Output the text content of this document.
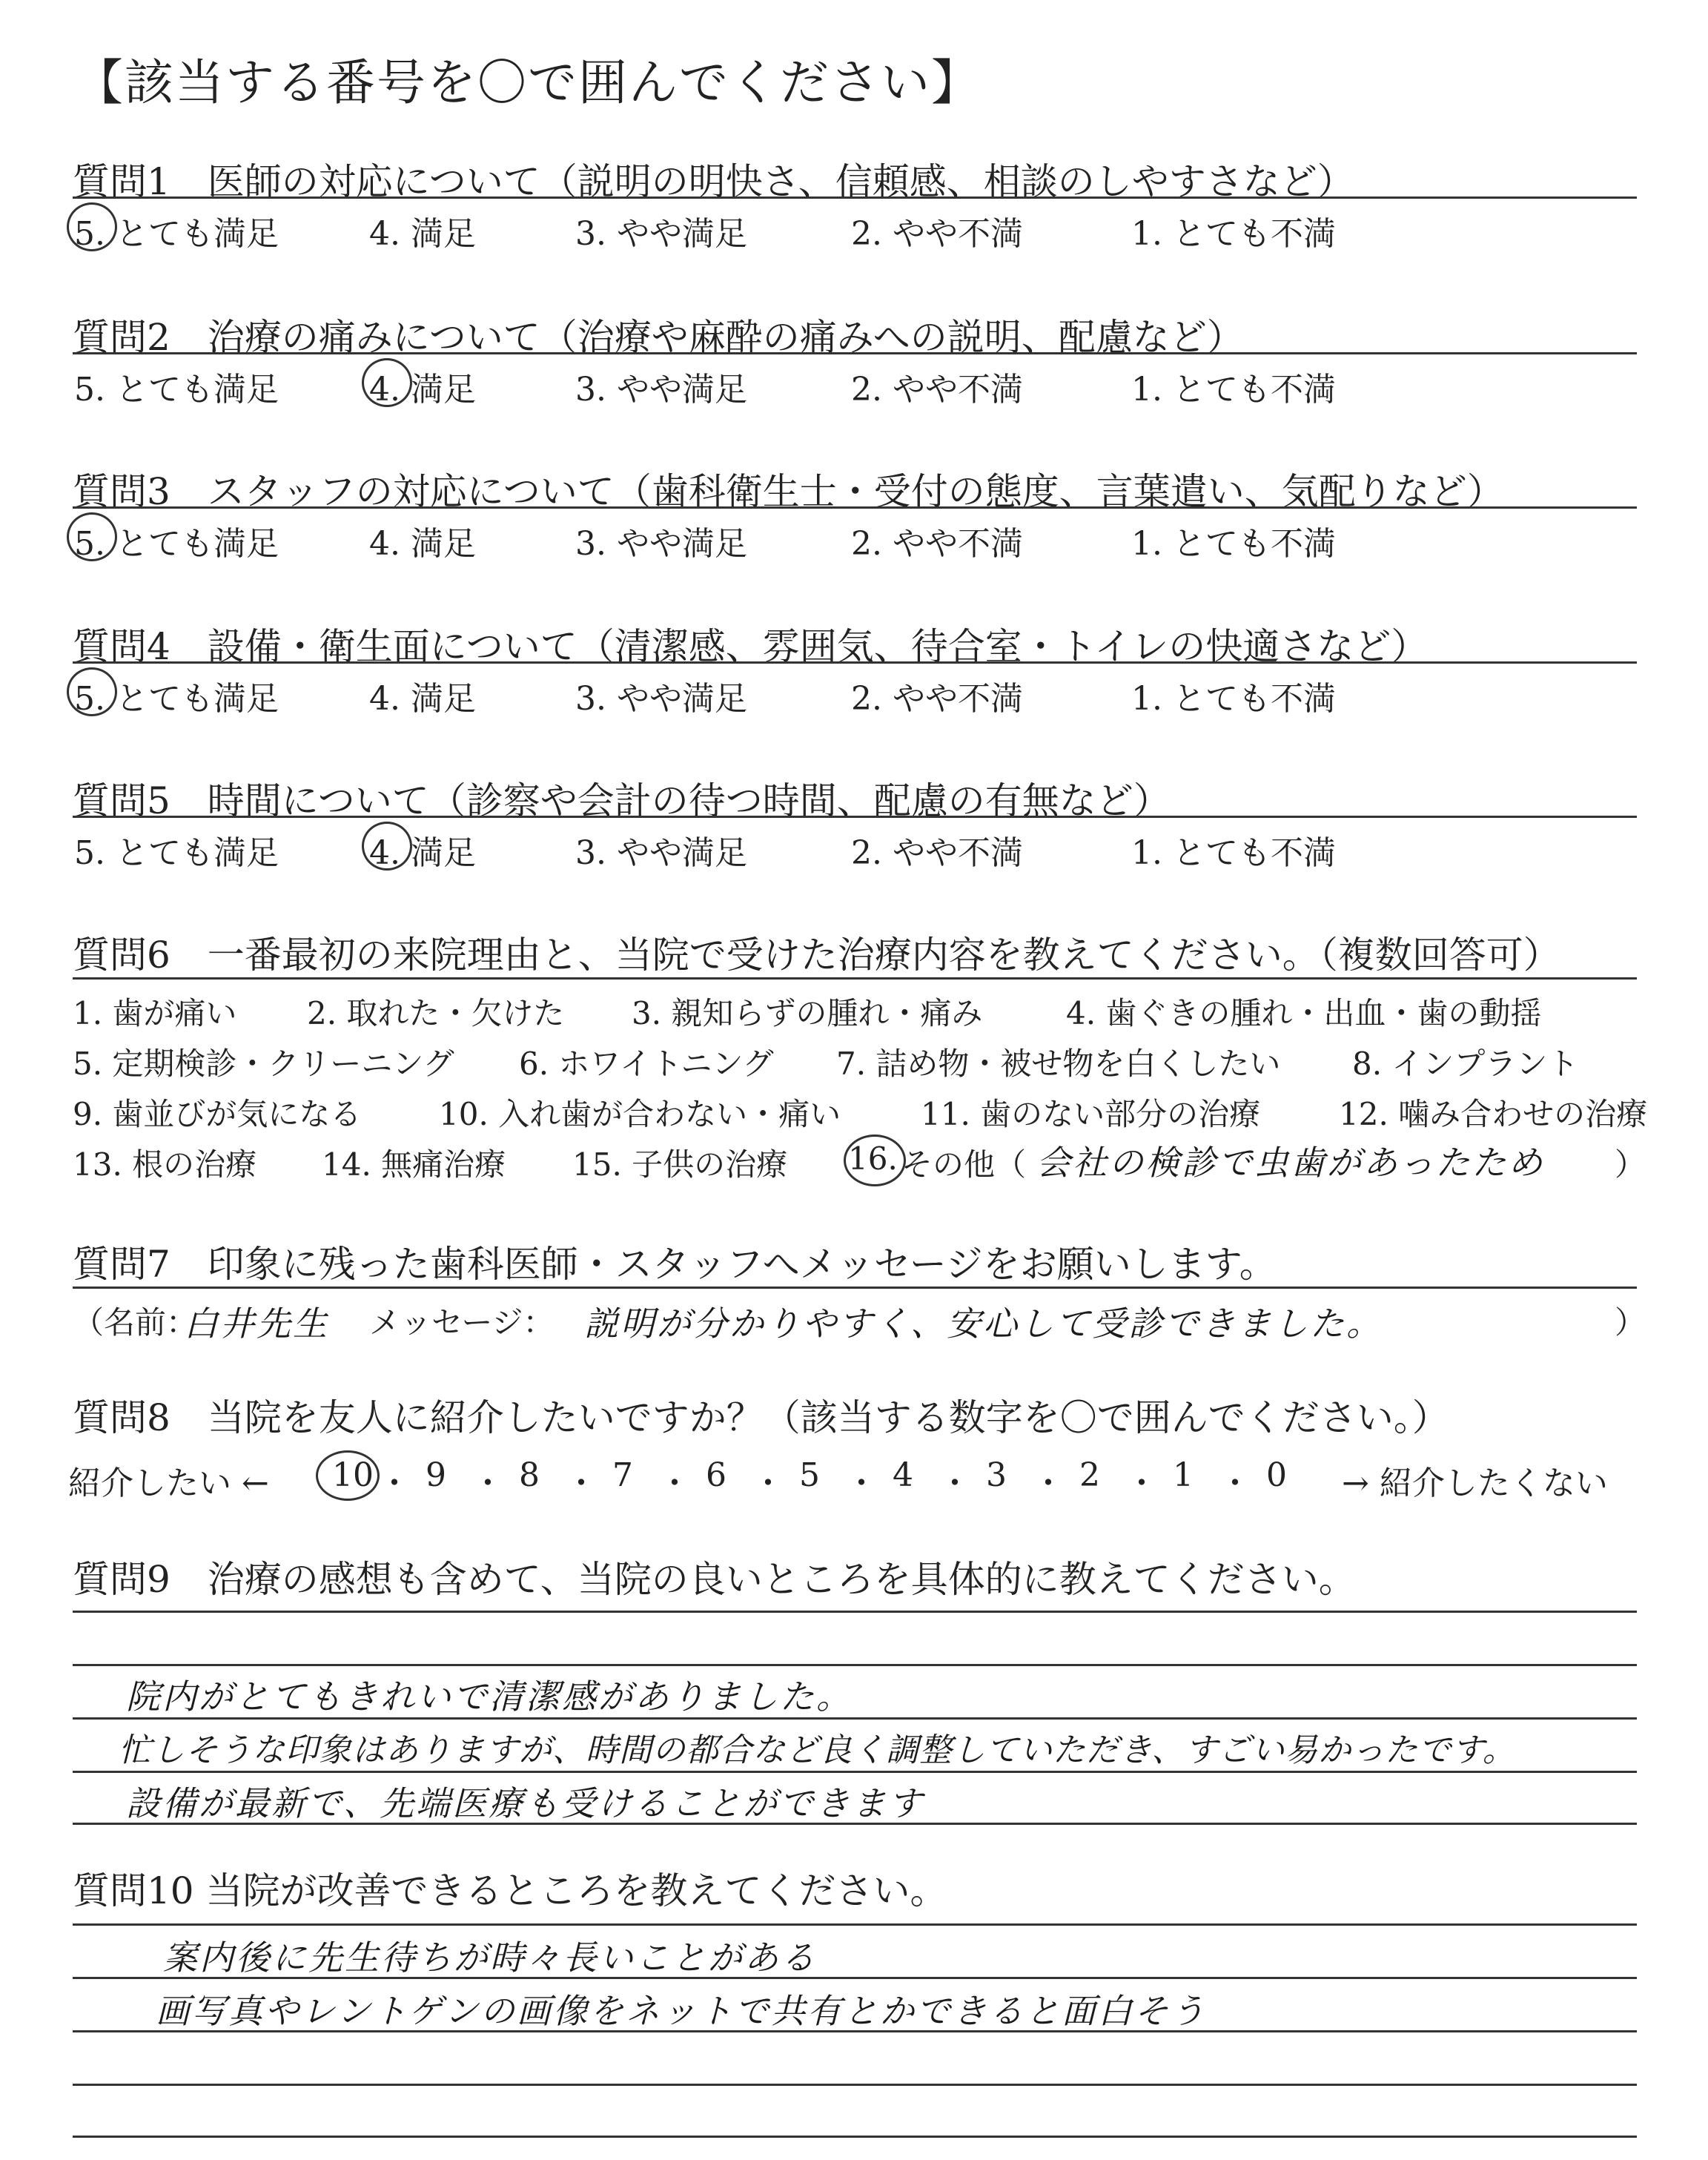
【該当する番号を〇で囲んでください】
質問1　医師の対応について（説明の明快さ、信頼感、相談のしやすさなど）
5. とても満足	4. 満足	3. やや満足	2. やや不満	1. とても不満
質問2　治療の痛みについて（治療や麻酔の痛みへの説明、配慮など）
5. とても満足	4. 満足	3. やや満足	2. やや不満	1. とても不満
質問3　スタッフの対応について（歯科衛生士・受付の態度、言葉遣い、気配りなど）
5. とても満足	4. 満足	3. やや満足	2. やや不満	1. とても不満
質問4　設備・衛生面について（清潔感、雰囲気、待合室・トイレの快適さなど）
5. とても満足	4. 満足	3. やや満足	2. やや不満	1. とても不満
質問5　時間について（診察や会計の待つ時間、配慮の有無など）
5. とても満足	4. 満足	3. やや満足	2. やや不満	1. とても不満
質問6　一番最初の来院理由と、当院で受けた治療内容を教えてください。（複数回答可）
1. 歯が痛い 2. 取れた・欠けた 3. 親知らずの腫れ・痛み	4. 歯ぐきの腫れ・出血・歯の動揺
5. 定期検診・クリーニング 6. ホワイトニング 7. 詰め物・被せ物を白くしたい 8. インプラント
9. 歯並びが気になる 10. 入れ歯が合わない・痛い	11. 歯のない部分の治療	12. 噛み合わせの治療
13. 根の治療 14. 無痛治療 15. 子供の治療 16. その他（ 会社の検診で虫歯があったため ）
質問7　印象に残った歯科医師・スタッフへメッセージをお願いします。
（名前：
白井先生 メッセージ： 説明が分かりやすく、安心して受診できました。	）
質問8　当院を友人に紹介したいですか？（該当する数字を〇で囲んでください。）
紹介したい ← 10 ・ 9 ・ 8 ・ 7 ・ 6 ・ 5 ・ 4 ・ 3 ・ 2 ・ 1 ・ 0 → 紹介したくない
質問9　治療の感想も含めて、当院の良いところを具体的に教えてください。
院内がとてもきれいで清潔感がありました。
忙しそうな印象はありますが、時間の都合など良く調整していただき、すごい易かったです。
設備が最新で、先端医療も受けることができます
質問10 当院が改善できるところを教えてください。
案内後に先生待ちが時々長いことがある
画写真やレントゲンの画像をネットで共有とかできると面白そう
